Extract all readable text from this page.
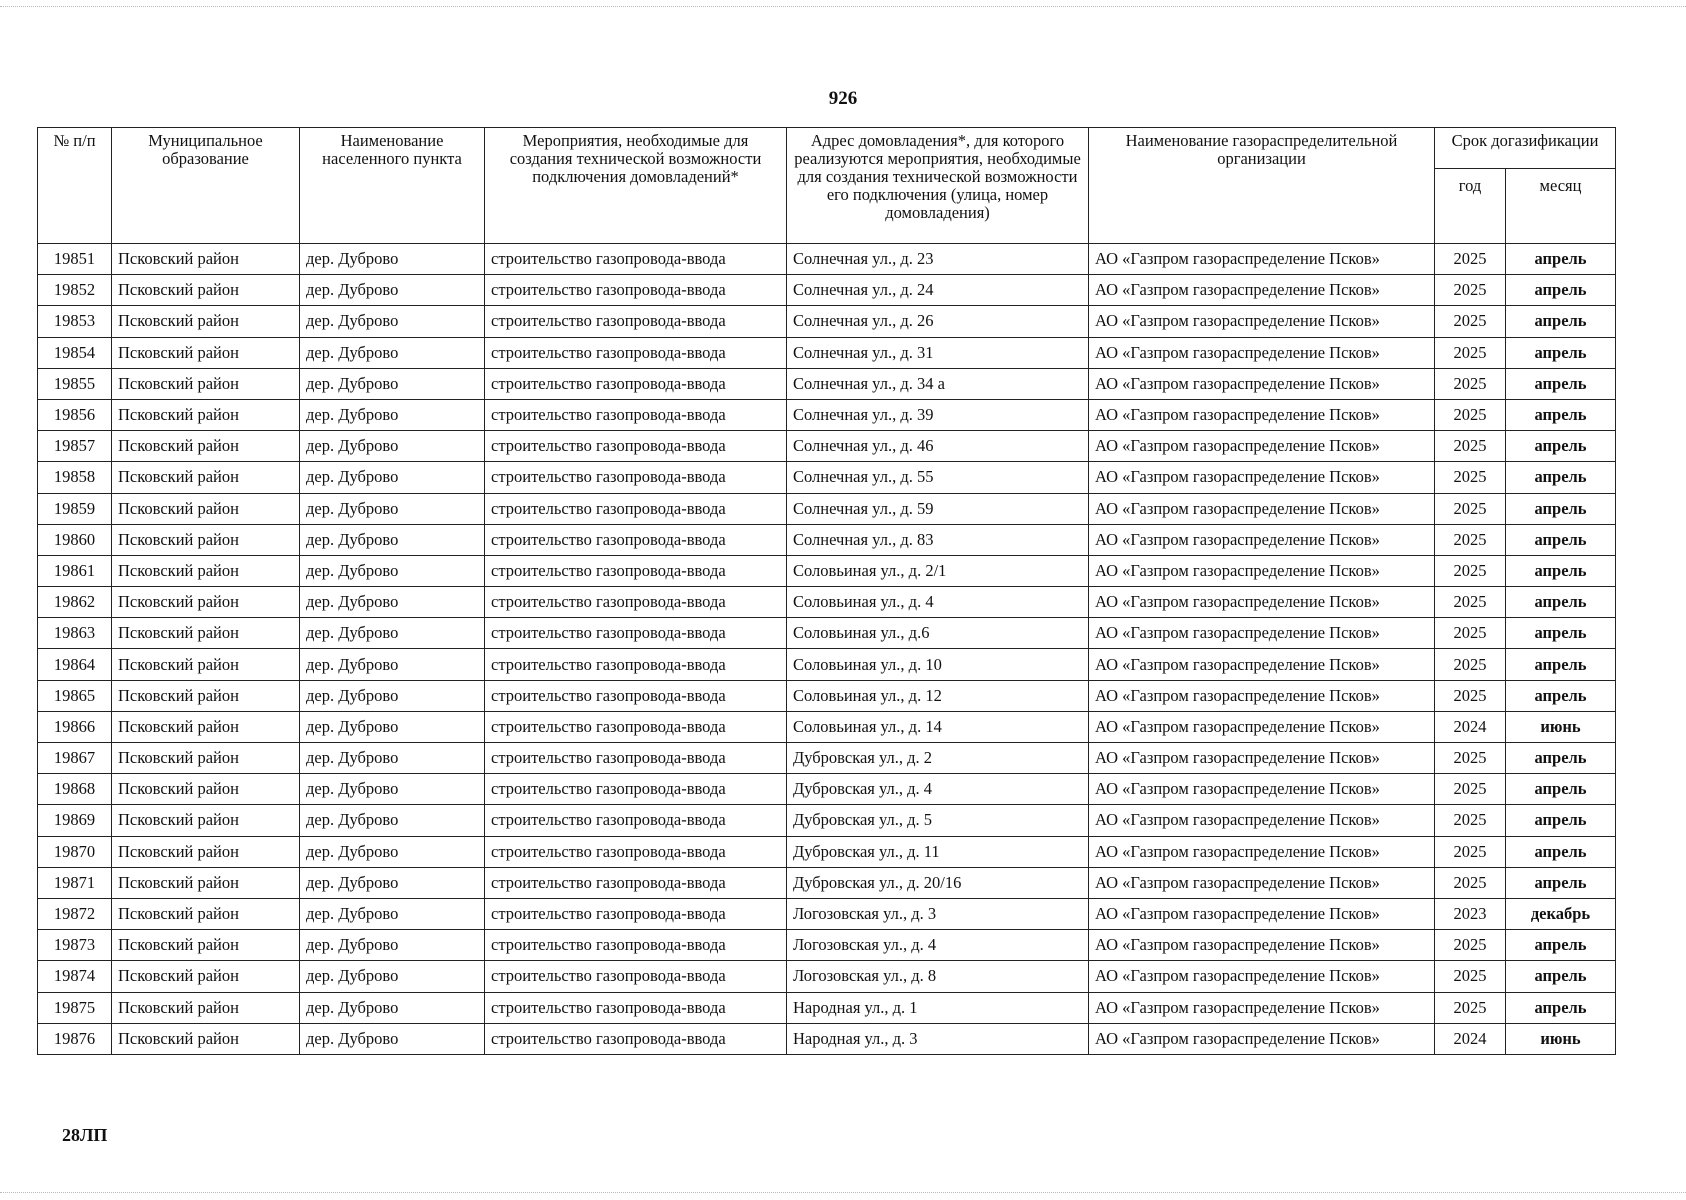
926
№ п/п	Муниципальное образование	Наименование населенного пункта	Мероприятия, необходимые для создания технической возможности подключения домовладений*	Адрес домовладения*, для которого реализуются мероприятия, необходимые для создания технической возможности его подключения (улица, номер домовладения)	Наименование газораспределительной организации	Срок догазификации	
						год	месяц
19851	Псковский район	дер. Дуброво	строительство газопровода-ввода	Солнечная ул., д. 23	АО «Газпром газораспределение Псков»	2025	апрель
19852	Псковский район	дер. Дуброво	строительство газопровода-ввода	Солнечная ул., д. 24	АО «Газпром газораспределение Псков»	2025	апрель
19853	Псковский район	дер. Дуброво	строительство газопровода-ввода	Солнечная ул., д. 26	АО «Газпром газораспределение Псков»	2025	апрель
19854	Псковский район	дер. Дуброво	строительство газопровода-ввода	Солнечная ул., д. 31	АО «Газпром газораспределение Псков»	2025	апрель
19855	Псковский район	дер. Дуброво	строительство газопровода-ввода	Солнечная ул., д. 34 а	АО «Газпром газораспределение Псков»	2025	апрель
19856	Псковский район	дер. Дуброво	строительство газопровода-ввода	Солнечная ул., д. 39	АО «Газпром газораспределение Псков»	2025	апрель
19857	Псковский район	дер. Дуброво	строительство газопровода-ввода	Солнечная ул., д. 46	АО «Газпром газораспределение Псков»	2025	апрель
19858	Псковский район	дер. Дуброво	строительство газопровода-ввода	Солнечная ул., д. 55	АО «Газпром газораспределение Псков»	2025	апрель
19859	Псковский район	дер. Дуброво	строительство газопровода-ввода	Солнечная ул., д. 59	АО «Газпром газораспределение Псков»	2025	апрель
19860	Псковский район	дер. Дуброво	строительство газопровода-ввода	Солнечная ул., д. 83	АО «Газпром газораспределение Псков»	2025	апрель
19861	Псковский район	дер. Дуброво	строительство газопровода-ввода	Соловьиная ул., д. 2/1	АО «Газпром газораспределение Псков»	2025	апрель
19862	Псковский район	дер. Дуброво	строительство газопровода-ввода	Соловьиная ул., д. 4	АО «Газпром газораспределение Псков»	2025	апрель
19863	Псковский район	дер. Дуброво	строительство газопровода-ввода	Соловьиная ул., д.6	АО «Газпром газораспределение Псков»	2025	апрель
19864	Псковский район	дер. Дуброво	строительство газопровода-ввода	Соловьиная ул., д. 10	АО «Газпром газораспределение Псков»	2025	апрель
19865	Псковский район	дер. Дуброво	строительство газопровода-ввода	Соловьиная ул., д. 12	АО «Газпром газораспределение Псков»	2025	апрель
19866	Псковский район	дер. Дуброво	строительство газопровода-ввода	Соловьиная ул., д. 14	АО «Газпром газораспределение Псков»	2024	июнь
19867	Псковский район	дер. Дуброво	строительство газопровода-ввода	Дубровская ул., д. 2	АО «Газпром газораспределение Псков»	2025	апрель
19868	Псковский район	дер. Дуброво	строительство газопровода-ввода	Дубровская ул., д. 4	АО «Газпром газораспределение Псков»	2025	апрель
19869	Псковский район	дер. Дуброво	строительство газопровода-ввода	Дубровская ул., д. 5	АО «Газпром газораспределение Псков»	2025	апрель
19870	Псковский район	дер. Дуброво	строительство газопровода-ввода	Дубровская ул., д. 11	АО «Газпром газораспределение Псков»	2025	апрель
19871	Псковский район	дер. Дуброво	строительство газопровода-ввода	Дубровская ул., д. 20/16	АО «Газпром газораспределение Псков»	2025	апрель
19872	Псковский район	дер. Дуброво	строительство газопровода-ввода	Логозовская ул., д. 3	АО «Газпром газораспределение Псков»	2023	декабрь
19873	Псковский район	дер. Дуброво	строительство газопровода-ввода	Логозовская ул., д. 4	АО «Газпром газораспределение Псков»	2025	апрель
19874	Псковский район	дер. Дуброво	строительство газопровода-ввода	Логозовская ул., д. 8	АО «Газпром газораспределение Псков»	2025	апрель
19875	Псковский район	дер. Дуброво	строительство газопровода-ввода	Народная ул., д. 1	АО «Газпром газораспределение Псков»	2025	апрель
19876	Псковский район	дер. Дуброво	строительство газопровода-ввода	Народная ул., д. 3	АО «Газпром газораспределение Псков»	2024	июнь
28ЛП
